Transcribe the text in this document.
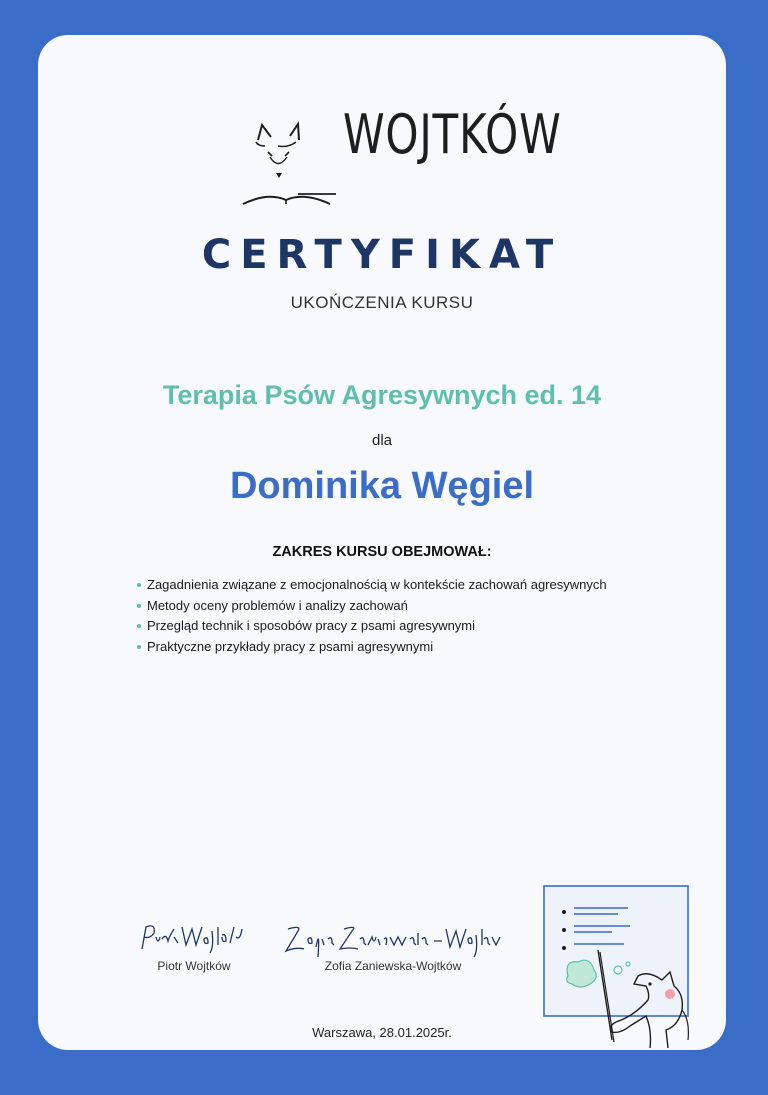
WOJTKÓW
CERTYFIKAT
UKOŃCZENIA KURSU
Terapia Psów Agresywnych ed. 14
dla
Dominika Węgiel
ZAKRES KURSU OBEJMOWAŁ:
Zagadnienia związane z emocjonalnością w kontekście zachowań agresywnych
Metody oceny problemów i analizy zachowań
Przegląd technik i sposobów pracy z psami agresywnymi
Praktyczne przykłady pracy z psami agresywnymi
Piotr Wojtków	Zofia Zaniewska-Wojtków
Warszawa, 28.01.2025r.
